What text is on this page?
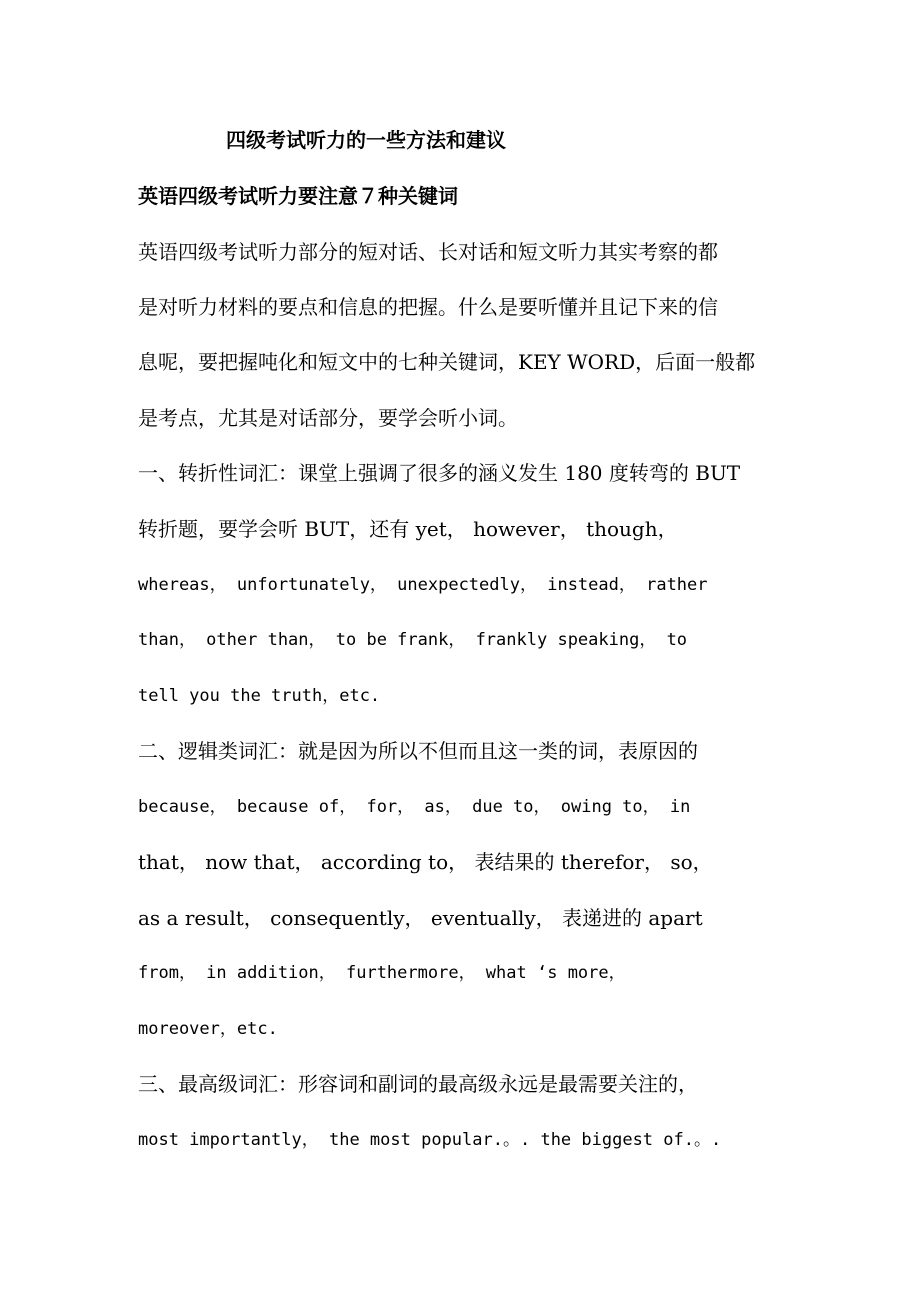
四级考试听力的一些方法和建议
英语四级考试听力要注意７种关键词
英语四级考试听力部分的短对话、长对话和短文听力其实考察的都
是对听力材料的要点和信息的把握。什么是要听懂并且记下来的信
息呢，要把握吨化和短文中的七种关键词，KEY WORD，后面一般都
是考点，尤其是对话部分，要学会听小词。
一、转折性词汇：课堂上强调了很多的涵义发生 180 度转弯的 BUT
转折题，要学会听 BUT，还有 yet， however， though，
whereas， unfortunately， unexpectedly， instead， rather
than， other than， to be frank， frankly speaking， to
tell you the truth，etc.
二、逻辑类词汇：就是因为所以不但而且这一类的词，表原因的
because， because of， for， as， due to， owing to， in
that， now that， according to， 表结果的 therefor， so，
as a result， consequently， eventually， 表递进的 apart
from， in addition， furthermore， what ‘s more，
moreover，etc.
三、最高级词汇：形容词和副词的最高级永远是最需要关注的，
most importantly， the most popular.。. the biggest of.。.
